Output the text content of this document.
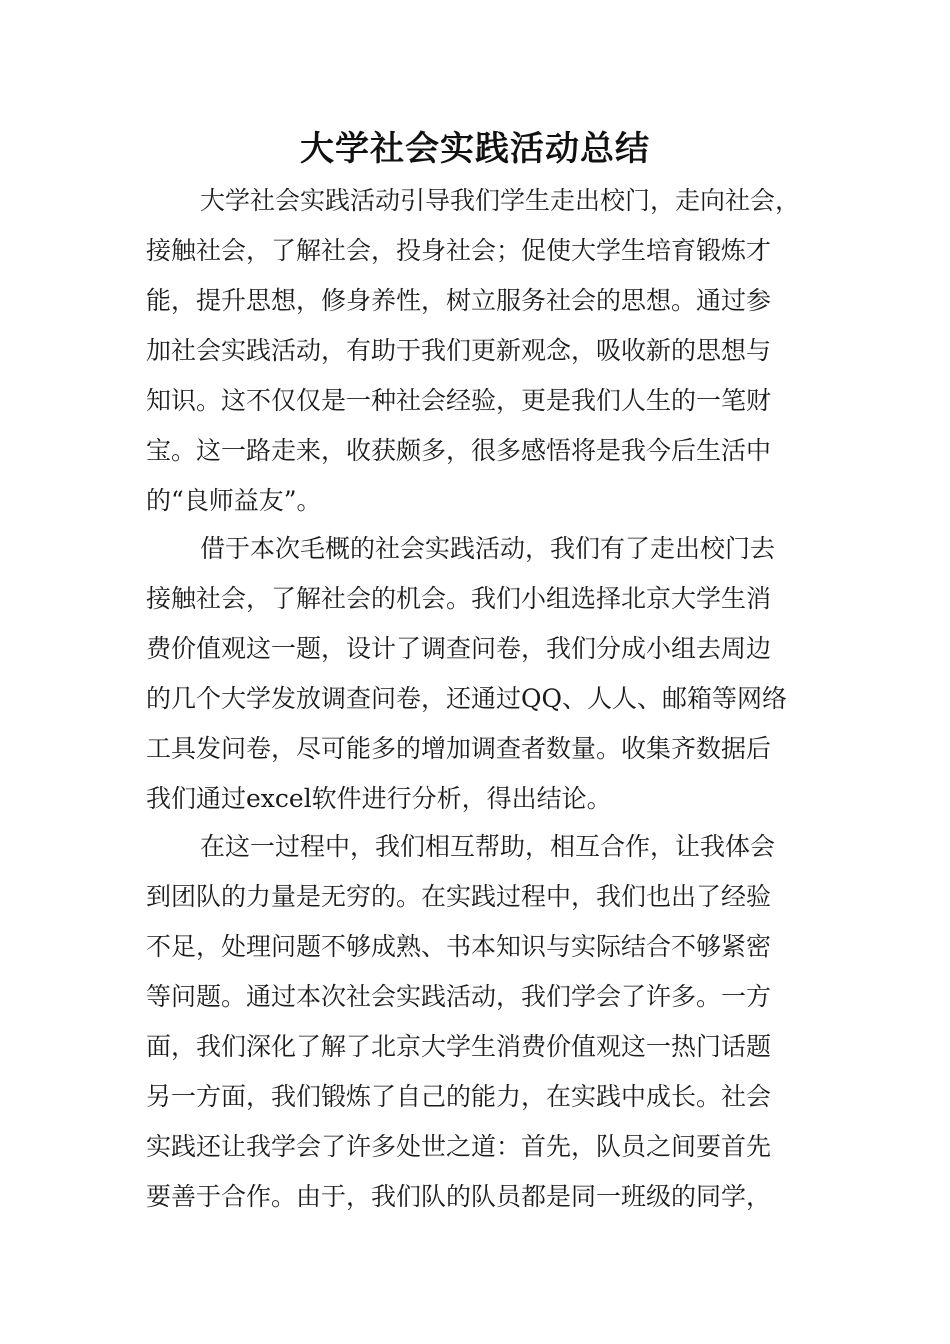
大学社会实践活动总结
大学社会实践活动引导我们学生走出校门，走向社会，
接触社会，了解社会，投身社会；促使大学生培育锻炼才
能，提升思想，修身养性，树立服务社会的思想。通过参
加社会实践活动，有助于我们更新观念，吸收新的思想与
知识。这不仅仅是一种社会经验，更是我们人生的一笔财
宝。这一路走来，收获颇多，很多感悟将是我今后生活中
的“良师益友”。
借于本次毛概的社会实践活动，我们有了走出校门去
接触社会，了解社会的机会。我们小组选择北京大学生消
费价值观这一题，设计了调查问卷，我们分成小组去周边
的几个大学发放调查问卷，还通过QQ、人人、邮箱等网络
工具发问卷，尽可能多的增加调查者数量。收集齐数据后
我们通过excel软件进行分析，得出结论。
在这一过程中，我们相互帮助，相互合作，让我体会
到团队的力量是无穷的。在实践过程中，我们也出了经验
不足，处理问题不够成熟、书本知识与实际结合不够紧密
等问题。通过本次社会实践活动，我们学会了许多。一方
面，我们深化了解了北京大学生消费价值观这一热门话题
另一方面，我们锻炼了自己的能力，在实践中成长。社会
实践还让我学会了许多处世之道：首先，队员之间要首先
要善于合作。由于，我们队的队员都是同一班级的同学，
